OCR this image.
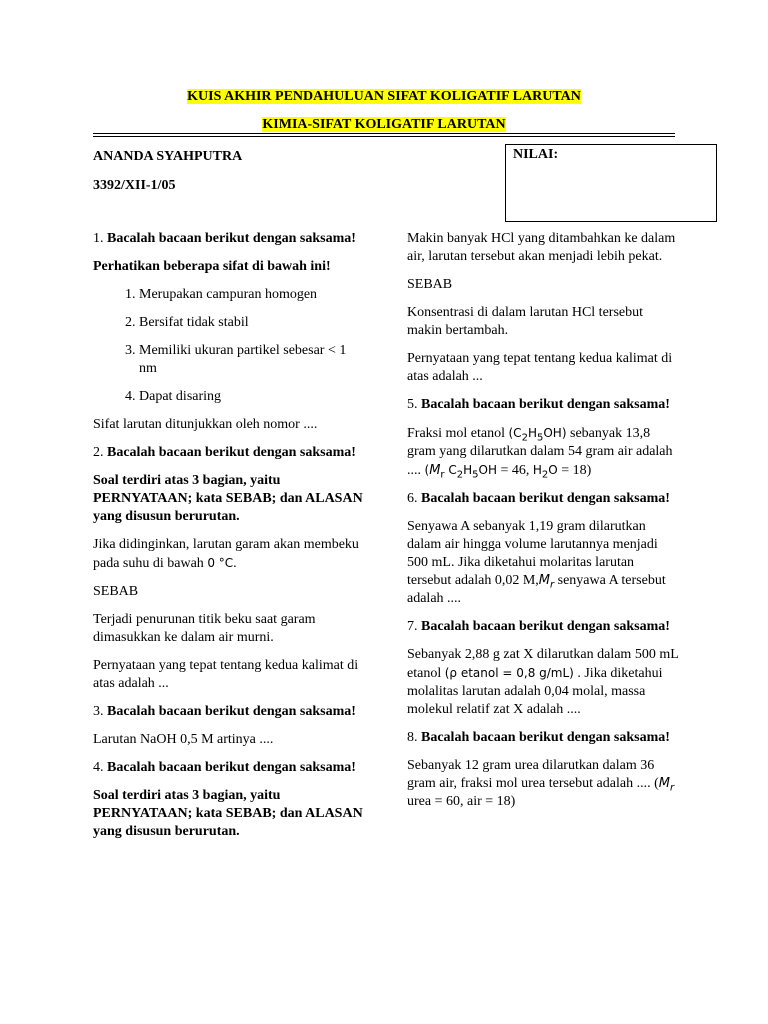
KUIS AKHIR PENDAHULUAN SIFAT KOLIGATIF LARUTAN
KIMIA-SIFAT KOLIGATIF LARUTAN
ANANDA SYAHPUTRA
3392/XII-1/05
NILAI:

1. Bacalah bacaan berikut dengan saksama!

Perhatikan beberapa sifat di bawah ini!

1. Merupakan campuran homogen
2. Bersifat tidak stabil
3. Memiliki ukuran partikel sebesar < 1 nm
4. Dapat disaring

Sifat larutan ditunjukkan oleh nomor ....

2. Bacalah bacaan berikut dengan saksama!

Soal terdiri atas 3 bagian, yaitu PERNYATAAN; kata SEBAB; dan ALASAN yang disusun berurutan.

Jika didinginkan, larutan garam akan membeku pada suhu di bawah 0 °C.

SEBAB

Terjadi penurunan titik beku saat garam dimasukkan ke dalam air murni.

Pernyataan yang tepat tentang kedua kalimat di atas adalah ...

3. Bacalah bacaan berikut dengan saksama!

Larutan NaOH 0,5 M artinya ....

4. Bacalah bacaan berikut dengan saksama!

Soal terdiri atas 3 bagian, yaitu PERNYATAAN; kata SEBAB; dan ALASAN yang disusun berurutan.

Makin banyak HCl yang ditambahkan ke dalam air, larutan tersebut akan menjadi lebih pekat.

SEBAB

Konsentrasi di dalam larutan HCl tersebut makin bertambah.

Pernyataan yang tepat tentang kedua kalimat di atas adalah ...

5. Bacalah bacaan berikut dengan saksama!

Fraksi mol etanol $(C_2H_5OH)$ sebanyak 13,8 gram yang dilarutkan dalam 54 gram air adalah .... ($M_r$ $C_2H_5OH = 46$, $H_2O = 18$)

6. Bacalah bacaan berikut dengan saksama!

Senyawa A sebanyak 1,19 gram dilarutkan dalam air hingga volume larutannya menjadi 500 mL. Jika diketahui molaritas larutan tersebut adalah 0,02 $M,M_r$ senyawa A tersebut adalah ....

7. Bacalah bacaan berikut dengan saksama!

Sebanyak 2,88 g zat X dilarutkan dalam 500 mL etanol (ρ etanol = 0,8 g/mL) . Jika diketahui molalitas larutan adalah 0,04 molal, massa molekul relatif zat X adalah ....

8. Bacalah bacaan berikut dengan saksama!

Sebanyak 12 gram urea dilarutkan dalam 36 gram air, fraksi mol urea tersebut adalah .... ($M_r$ urea = 60, air = 18)
